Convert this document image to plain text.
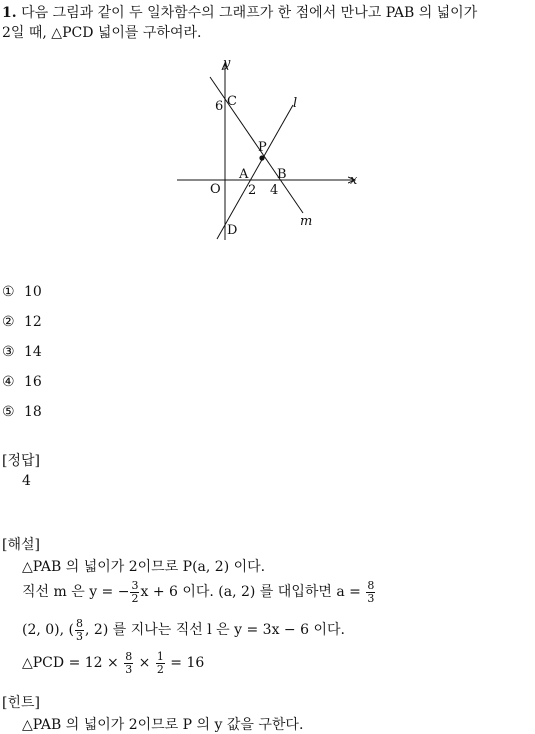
1. 다음 그림과 같이 두 일차함수의 그래프가 한 점에서 만나고 PAB 의 넓이가
2일 때, △PCD 넓이를 구하여라.
y
x
O
6 C
P
A B
2 4
D
l
m
① 10
② 12
③ 14
④ 16
⑤ 18
[정답]
4
[해설]
△PAB 의 넓이가 2이므로 P(a, 2) 이다.
직선 m 은 y = − $\frac{3}{2}$ x + 6 이다. (a, 2) 를 대입하면 $a = \frac{8}{3}$
(2, 0), ( $\frac{8}{3}$ , 2) 를 지나는 직선 l 은 y = 3x − 6 이다.
△PCD = $12 \times \frac{8}{3} \times \frac{1}{2} = 16$
[힌트]
△PAB 의 넓이가 2이므로 P 의 y 값을 구한다.
